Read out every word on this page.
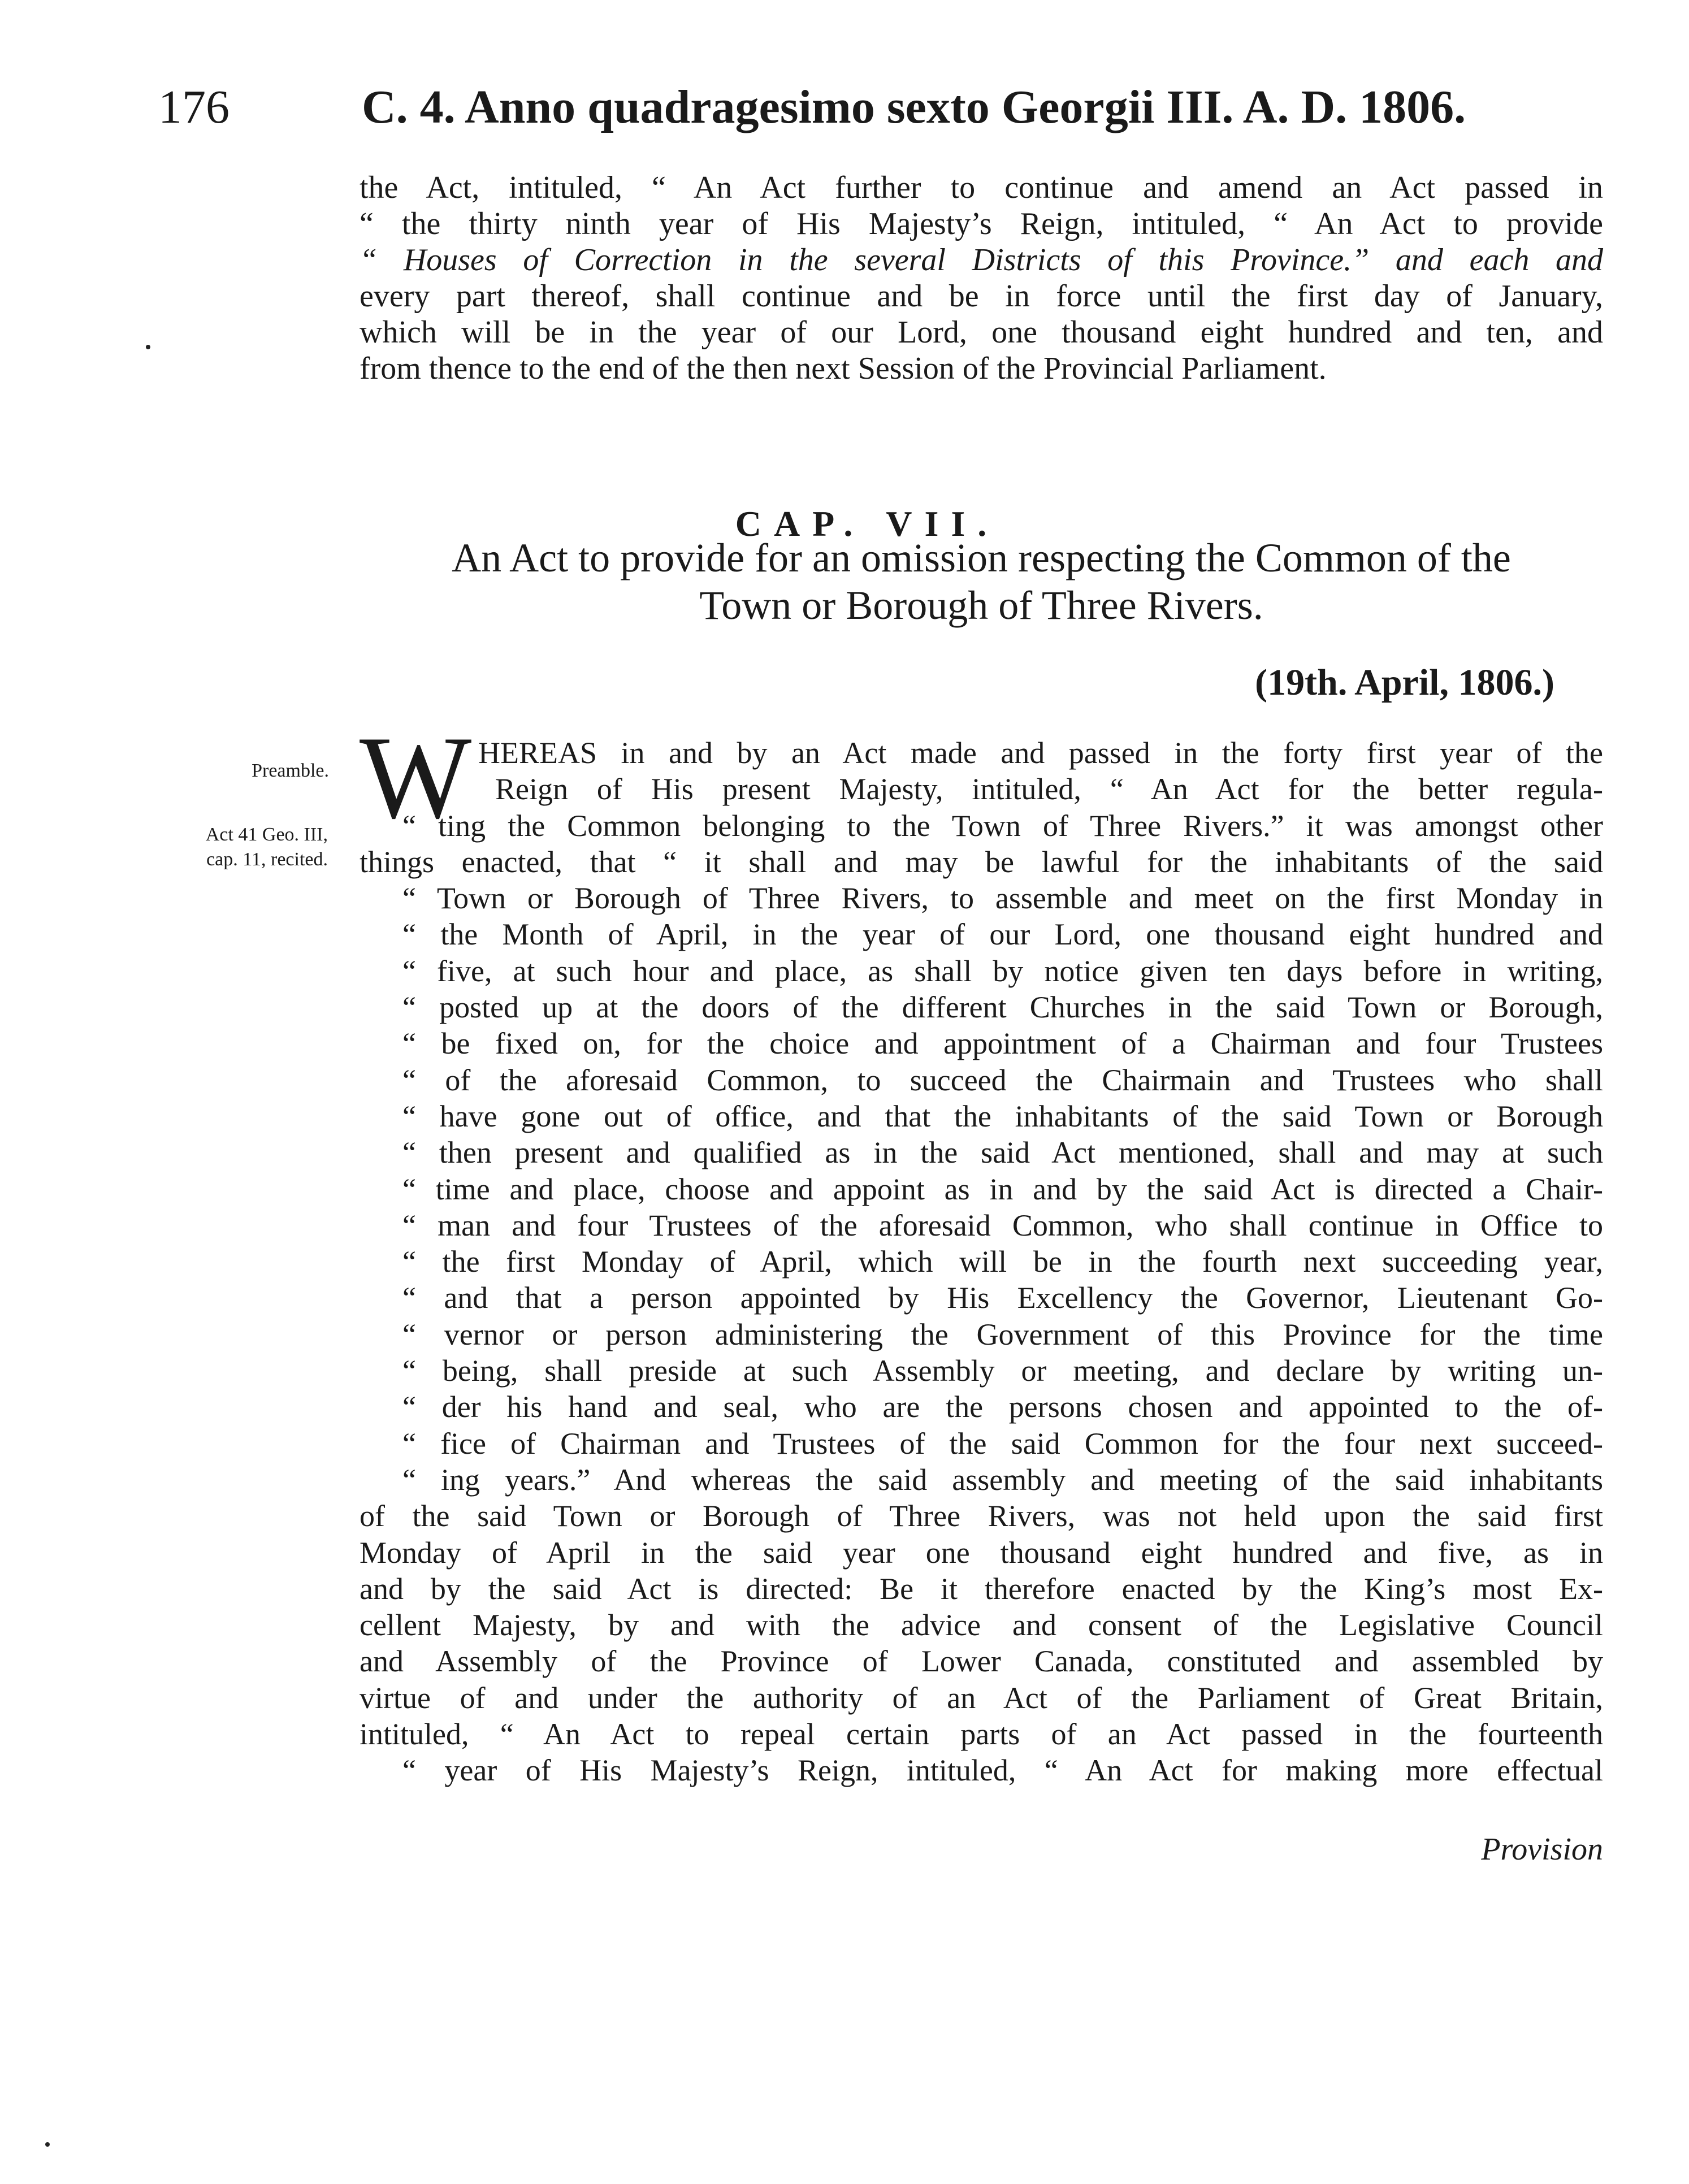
176	C. 4. Anno quadragesimo sexto Georgii III. A. D. 1806.
the Act, intituled, “ An Act further to continue and amend an Act passed in
“ the thirty ninth year of His Majesty’s Reign, intituled, “ An Act to provide
“ Houses of Correction in the several Districts of this Province.” and each and
every part thereof, shall continue and be in force until the first day of January,
which will be in the year of our Lord, one thousand eight hundred and ten, and
from thence to the end of the then next Session of the Provincial Parliament.
CAP. VII.
An Act to provide for an omission respecting the Common of the
Town or Borough of Three Rivers.
(19th. April, 1806.)
Preamble.
Act 41 Geo. III,
cap. 11, recited.
W HEREAS in and by an Act made and passed in the forty first year of the
Reign of His present Majesty, intituled, “ An Act for the better regula-
“ ting the Common belonging to the Town of Three Rivers.” it was amongst other
things enacted, that “ it shall and may be lawful for the inhabitants of the said
“ Town or Borough of Three Rivers, to assemble and meet on the first Monday in
“ the Month of April, in the year of our Lord, one thousand eight hundred and
“ five, at such hour and place, as shall by notice given ten days before in writing,
“ posted up at the doors of the different Churches in the said Town or Borough,
“ be fixed on, for the choice and appointment of a Chairman and four Trustees
“ of the aforesaid Common, to succeed the Chairmain and Trustees who shall
“ have gone out of office, and that the inhabitants of the said Town or Borough
“ then present and qualified as in the said Act mentioned, shall and may at such
“ time and place, choose and appoint as in and by the said Act is directed a Chair-
“ man and four Trustees of the aforesaid Common, who shall continue in Office to
“ the first Monday of April, which will be in the fourth next succeeding year,
“ and that a person appointed by His Excellency the Governor, Lieutenant Go-
“ vernor or person administering the Government of this Province for the time
“ being, shall preside at such Assembly or meeting, and declare by writing un-
“ der his hand and seal, who are the persons chosen and appointed to the of-
“ fice of Chairman and Trustees of the said Common for the four next succeed-
“ ing years.” And whereas the said assembly and meeting of the said inhabitants
of the said Town or Borough of Three Rivers, was not held upon the said first
Monday of April in the said year one thousand eight hundred and five, as in
and by the said Act is directed: Be it therefore enacted by the King’s most Ex-
cellent Majesty, by and with the advice and consent of the Legislative Council
and Assembly of the Province of Lower Canada, constituted and assembled by
virtue of and under the authority of an Act of the Parliament of Great Britain,
intituled, “ An Act to repeal certain parts of an Act passed in the fourteenth
“ year of His Majesty’s Reign, intituled, “ An Act for making more effectual
Provision
